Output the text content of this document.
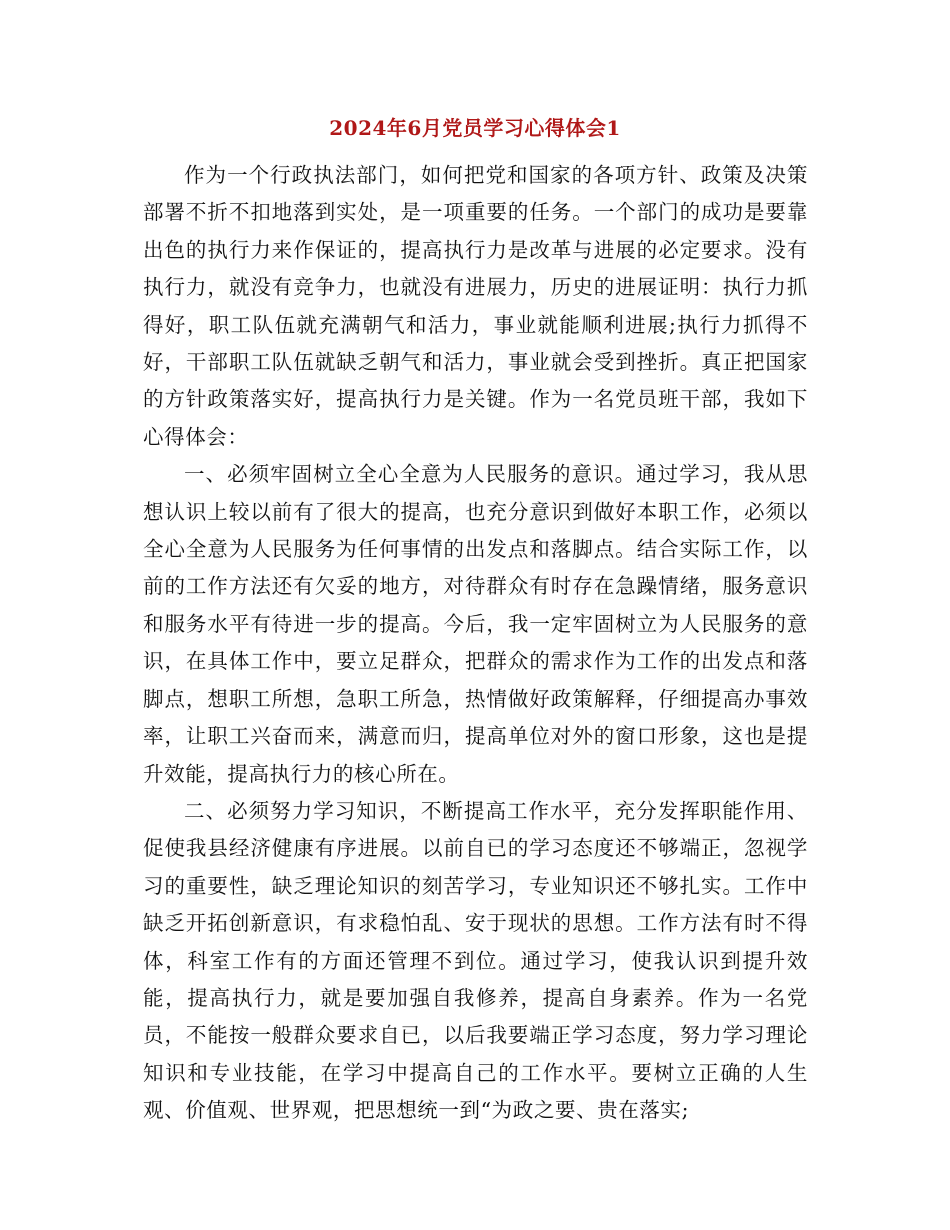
2024年6月党员学习心得体会1

作为一个行政执法部门，如何把党和国家的各项方针、政策及决策部署不折不扣地落到实处，是一项重要的任务。一个部门的成功是要靠出色的执行力来作保证的，提高执行力是改革与进展的必定要求。没有执行力，就没有竞争力，也就没有进展力，历史的进展证明：执行力抓得好，职工队伍就充满朝气和活力，事业就能顺利进展;执行力抓得不好，干部职工队伍就缺乏朝气和活力，事业就会受到挫折。真正把国家的方针政策落实好，提高执行力是关键。作为一名党员班干部，我如下心得体会：

一、必须牢固树立全心全意为人民服务的意识。通过学习，我从思想认识上较以前有了很大的提高，也充分意识到做好本职工作，必须以全心全意为人民服务为任何事情的出发点和落脚点。结合实际工作，以前的工作方法还有欠妥的地方，对待群众有时存在急躁情绪，服务意识和服务水平有待进一步的提高。今后，我一定牢固树立为人民服务的意识，在具体工作中，要立足群众，把群众的需求作为工作的出发点和落脚点，想职工所想，急职工所急，热情做好政策解释，仔细提高办事效率，让职工兴奋而来，满意而归，提高单位对外的窗口形象，这也是提升效能，提高执行力的核心所在。

二、必须努力学习知识，不断提高工作水平，充分发挥职能作用、促使我县经济健康有序进展。以前自已的学习态度还不够端正，忽视学习的重要性，缺乏理论知识的刻苦学习，专业知识还不够扎实。工作中缺乏开拓创新意识，有求稳怕乱、安于现状的思想。工作方法有时不得体，科室工作有的方面还管理不到位。通过学习，使我认识到提升效能，提高执行力，就是要加强自我修养，提高自身素养。作为一名党员，不能按一般群众要求自已，以后我要端正学习态度，努力学习理论知识和专业技能，在学习中提高自己的工作水平。要树立正确的人生观、价值观、世界观，把思想统一到“为政之要、贵在落实;
